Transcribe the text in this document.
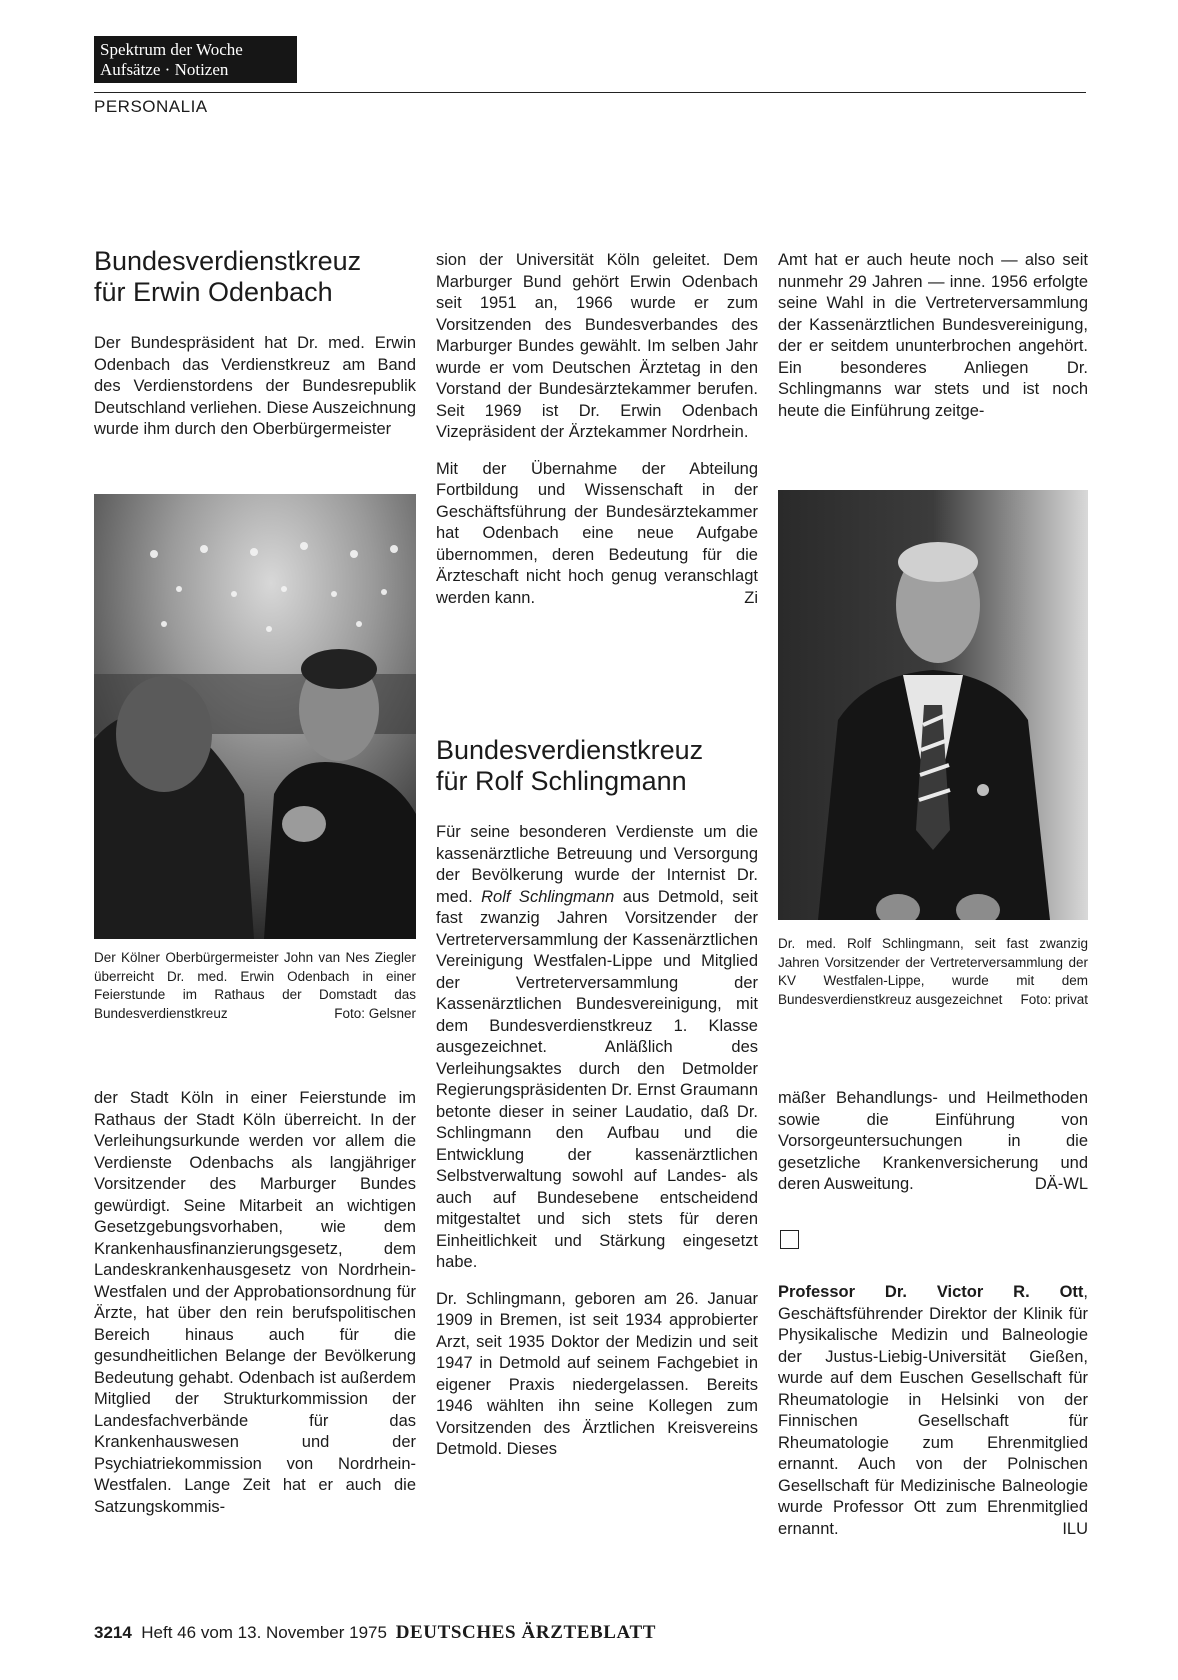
Spektrum der Woche
Aufsätze · Notizen
PERSONALIA
Bundesverdienstkreuz
für Erwin Odenbach

Der Bundespräsident hat Dr. med. Erwin Odenbach das Verdienstkreuz am Band des Verdienstordens der Bundesrepublik Deutschland verliehen. Diese Auszeichnung wurde ihm durch den Oberbürgermeister

Der Kölner Oberbürgermeister John van Nes Ziegler überreicht Dr. med. Erwin Odenbach in einer Feierstunde im Rathaus der Domstadt das Bundesverdienstkreuz	Foto: Gelsner

der Stadt Köln in einer Feierstunde im Rathaus der Stadt Köln überreicht. In der Verleihungsurkunde werden vor allem die Verdienste Odenbachs als langjähriger Vorsitzender des Marburger Bundes gewürdigt. Seine Mitarbeit an wichtigen Gesetzgebungsvorhaben, wie dem Krankenhausfinanzierungsgesetz, dem Landeskrankenhausgesetz von Nordrhein-Westfalen und der Approbationsordnung für Ärzte, hat über den rein berufspolitischen Bereich hinaus auch für die gesundheitlichen Belange der Bevölkerung Bedeutung gehabt. Odenbach ist außerdem Mitglied der Strukturkommission der Landesfachverbände für das Krankenhauswesen und der Psychiatriekommission von Nordrhein-Westfalen. Lange Zeit hat er auch die Satzungskommis-

sion der Universität Köln geleitet. Dem Marburger Bund gehört Erwin Odenbach seit 1951 an, 1966 wurde er zum Vorsitzenden des Bundesverbandes des Marburger Bundes gewählt. Im selben Jahr wurde er vom Deutschen Ärztetag in den Vorstand der Bundesärztekammer berufen. Seit 1969 ist Dr. Erwin Odenbach Vizepräsident der Ärztekammer Nordrhein.

Mit der Übernahme der Abteilung Fortbildung und Wissenschaft in der Geschäftsführung der Bundesärztekammer hat Odenbach eine neue Aufgabe übernommen, deren Bedeutung für die Ärzteschaft nicht hoch genug veranschlagt werden kann.	Zi

Bundesverdienstkreuz
für Rolf Schlingmann

Für seine besonderen Verdienste um die kassenärztliche Betreuung und Versorgung der Bevölkerung wurde der Internist Dr. med. Rolf Schlingmann aus Detmold, seit fast zwanzig Jahren Vorsitzender der Vertreterversammlung der Kassenärztlichen Vereinigung Westfalen-Lippe und Mitglied der Vertreterversammlung der Kassenärztlichen Bundesvereinigung, mit dem Bundesverdienstkreuz 1. Klasse ausgezeichnet. Anläßlich des Verleihungsaktes durch den Detmolder Regierungspräsidenten Dr. Ernst Graumann betonte dieser in seiner Laudatio, daß Dr. Schlingmann den Aufbau und die Entwicklung der kassenärztlichen Selbstverwaltung sowohl auf Landes- als auch auf Bundesebene entscheidend mitgestaltet und sich stets für deren Einheitlichkeit und Stärkung eingesetzt habe.

Dr. Schlingmann, geboren am 26. Januar 1909 in Bremen, ist seit 1934 approbierter Arzt, seit 1935 Doktor der Medizin und seit 1947 in Detmold auf seinem Fachgebiet in eigener Praxis niedergelassen. Bereits 1946 wählten ihn seine Kollegen zum Vorsitzenden des Ärztlichen Kreisvereins Detmold. Dieses

Amt hat er auch heute noch — also seit nunmehr 29 Jahren — inne. 1956 erfolgte seine Wahl in die Vertreterversammlung der Kassenärztlichen Bundesvereinigung, der er seitdem ununterbrochen angehört. Ein besonderes Anliegen Dr. Schlingmanns war stets und ist noch heute die Einführung zeitge-

Dr. med. Rolf Schlingmann, seit fast zwanzig Jahren Vorsitzender der Vertreterversammlung der KV Westfalen-Lippe, wurde mit dem Bundesverdienstkreuz ausgezeichnet Foto: privat

mäßer Behandlungs- und Heilmethoden sowie die Einführung von Vorsorgeuntersuchungen in die gesetzliche Krankenversicherung und deren Ausweitung.	DÄ-WL

Professor Dr. Victor R. Ott, Geschäftsführender Direktor der Klinik für Physikalische Medizin und Balneologie der Justus-Liebig-Universität Gießen, wurde auf dem Euschen Gesellschaft für Rheumatologie in Helsinki von der Finnischen Gesellschaft für Rheumatologie zum Ehrenmitglied ernannt. Auch von der Polnischen Gesellschaft für Medizinische Balneologie wurde Professor Ott zum Ehrenmitglied ernannt.	ILU

3214 Heft 46 vom 13. November 1975 DEUTSCHES ÄRZTEBLATT
